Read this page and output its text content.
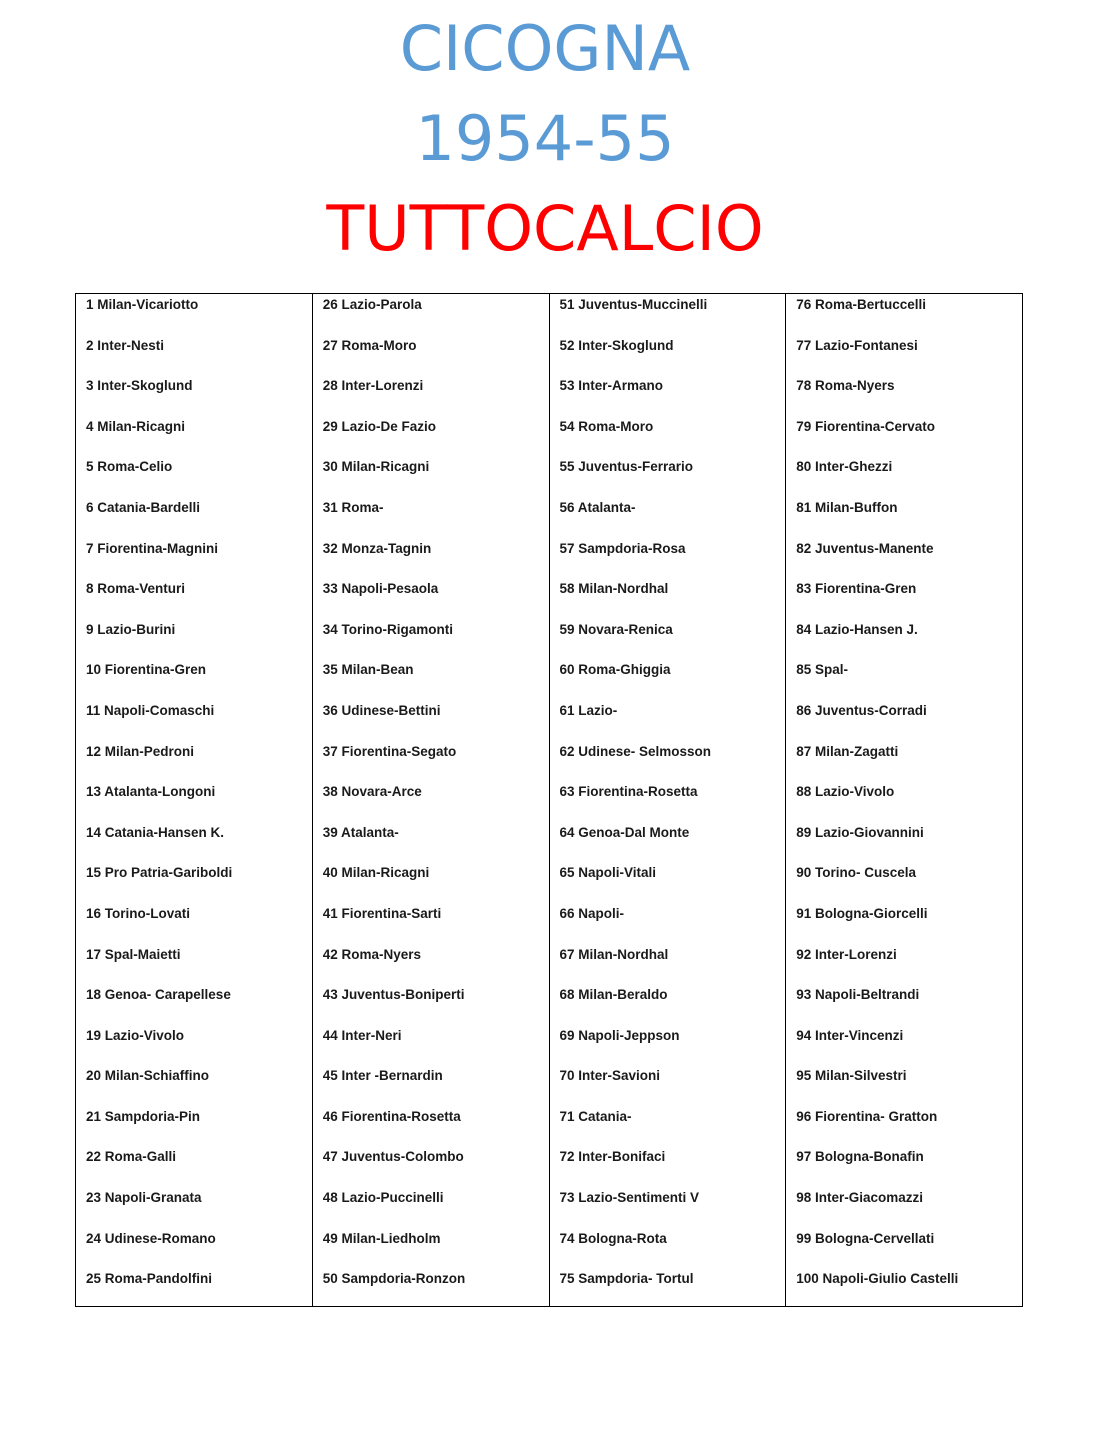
CICOGNA
1954-55
TUTTOCALCIO
1 Milan-Vicariotto
2 Inter-Nesti
3 Inter-Skoglund
4 Milan-Ricagni
5 Roma-Celio
6 Catania-Bardelli
7 Fiorentina-Magnini
8 Roma-Venturi
9 Lazio-Burini
10 Fiorentina-Gren
11 Napoli-Comaschi
12 Milan-Pedroni
13 Atalanta-Longoni
14 Catania-Hansen K.
15 Pro Patria-Gariboldi
16 Torino-Lovati
17 Spal-Maietti
18 Genoa- Carapellese
19 Lazio-Vivolo
20 Milan-Schiaffino
21 Sampdoria-Pin
22 Roma-Galli
23 Napoli-Granata
24 Udinese-Romano
25 Roma-Pandolfini
26 Lazio-Parola
27 Roma-Moro
28 Inter-Lorenzi
29 Lazio-De Fazio
30 Milan-Ricagni
31 Roma-
32 Monza-Tagnin
33 Napoli-Pesaola
34 Torino-Rigamonti
35 Milan-Bean
36 Udinese-Bettini
37 Fiorentina-Segato
38 Novara-Arce
39 Atalanta-
40 Milan-Ricagni
41 Fiorentina-Sarti
42 Roma-Nyers
43 Juventus-Boniperti
44 Inter-Neri
45 Inter -Bernardin
46 Fiorentina-Rosetta
47 Juventus-Colombo
48 Lazio-Puccinelli
49 Milan-Liedholm
50 Sampdoria-Ronzon
51 Juventus-Muccinelli
52 Inter-Skoglund
53 Inter-Armano
54 Roma-Moro
55 Juventus-Ferrario
56 Atalanta-
57 Sampdoria-Rosa
58 Milan-Nordhal
59 Novara-Renica
60 Roma-Ghiggia
61 Lazio-
62 Udinese- Selmosson
63 Fiorentina-Rosetta
64 Genoa-Dal Monte
65 Napoli-Vitali
66 Napoli-
67 Milan-Nordhal
68 Milan-Beraldo
69 Napoli-Jeppson
70 Inter-Savioni
71 Catania-
72 Inter-Bonifaci
73 Lazio-Sentimenti V
74 Bologna-Rota
75 Sampdoria- Tortul
76 Roma-Bertuccelli
77 Lazio-Fontanesi
78 Roma-Nyers
79 Fiorentina-Cervato
80 Inter-Ghezzi
81 Milan-Buffon
82 Juventus-Manente
83 Fiorentina-Gren
84 Lazio-Hansen J.
85 Spal-
86 Juventus-Corradi
87 Milan-Zagatti
88 Lazio-Vivolo
89 Lazio-Giovannini
90 Torino- Cuscela
91 Bologna-Giorcelli
92 Inter-Lorenzi
93 Napoli-Beltrandi
94 Inter-Vincenzi
95 Milan-Silvestri
96 Fiorentina- Gratton
97 Bologna-Bonafin
98 Inter-Giacomazzi
99 Bologna-Cervellati
100 Napoli-Giulio Castelli
